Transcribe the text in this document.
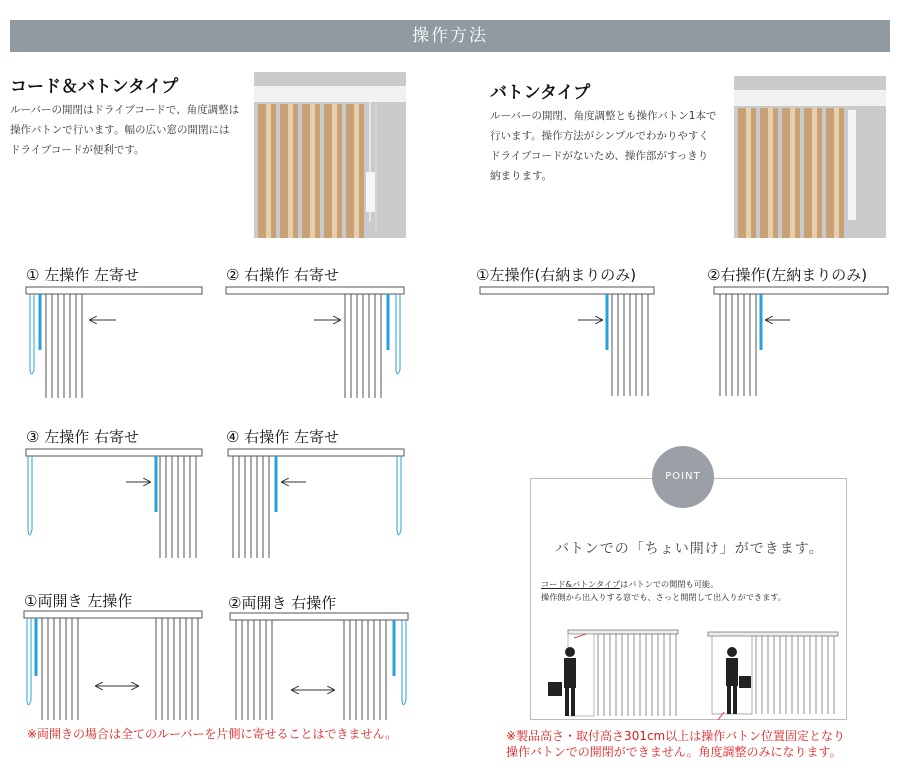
操作方法
コード＆バトンタイプ
ルーバーの開閉はドライブコードで、角度調整は
操作バトンで行います。幅の広い窓の開閉には
ドライブコードが便利です。
バトンタイプ
ルーバーの開閉、角度調整とも操作バトン1本で
行います。操作方法がシンプルでわかりやすく
ドライブコードがないため、操作部がすっきり
納まります。
① 左操作 左寄せ	② 右操作 右寄せ
③ 左操作 右寄せ	④ 右操作 左寄せ
①両開き 左操作	②両開き 右操作
①左操作(右納まりのみ)	②右操作(左納まりのみ)
※両開きの場合は全てのルーバーを片側に寄せることはできません。
POINT
バトンでの「ちょい開け」ができます。
コード&バトンタイプはバトンでの開閉も可能。
操作側から出入りする窓でも、さっと開閉して出入りができます。
※製品高さ・取付高さ301cm以上は操作バトン位置固定となり
操作バトンでの開閉ができません。角度調整のみになります。
